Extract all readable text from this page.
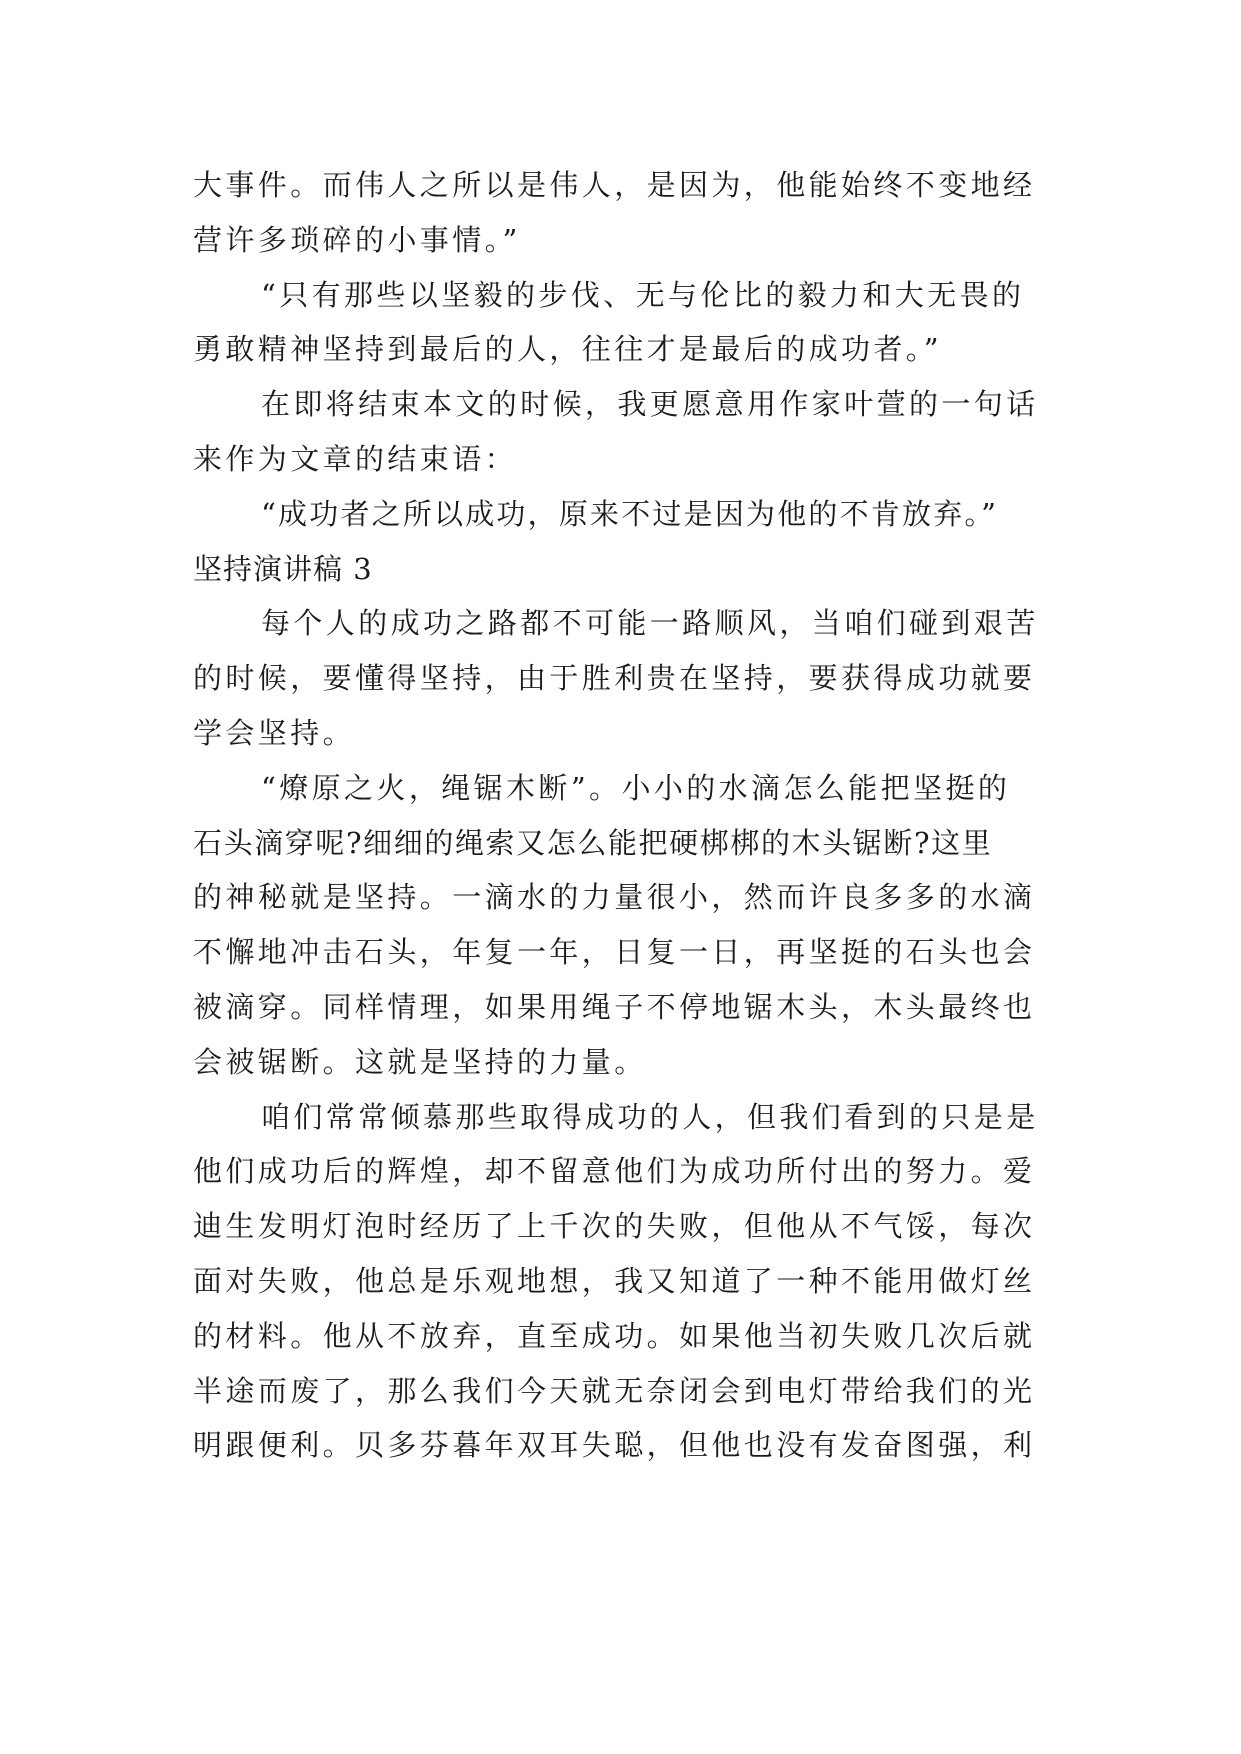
大事件。而伟人之所以是伟人，是因为，他能始终不变地经
营许多琐碎的小事情。”
“只有那些以坚毅的步伐、无与伦比的毅力和大无畏的
勇敢精神坚持到最后的人，往往才是最后的成功者。”
在即将结束本文的时候，我更愿意用作家叶萱的一句话
来作为文章的结束语：
“成功者之所以成功，原来不过是因为他的不肯放弃。”
坚持演讲稿 3
每个人的成功之路都不可能一路顺风，当咱们碰到艰苦
的时候，要懂得坚持，由于胜利贵在坚持，要获得成功就要
学会坚持。
“燎原之火，绳锯木断”。小小的水滴怎么能把坚挺的
石头滴穿呢?细细的绳索又怎么能把硬梆梆的木头锯断?这里
的神秘就是坚持。一滴水的力量很小，然而许良多多的水滴
不懈地冲击石头，年复一年，日复一日，再坚挺的石头也会
被滴穿。同样情理，如果用绳子不停地锯木头，木头最终也
会被锯断。这就是坚持的力量。
咱们常常倾慕那些取得成功的人，但我们看到的只是是
他们成功后的辉煌，却不留意他们为成功所付出的努力。爱
迪生发明灯泡时经历了上千次的失败，但他从不气馁，每次
面对失败，他总是乐观地想，我又知道了一种不能用做灯丝
的材料。他从不放弃，直至成功。如果他当初失败几次后就
半途而废了，那么我们今天就无奈闭会到电灯带给我们的光
明跟便利。贝多芬暮年双耳失聪，但他也没有发奋图强，利
